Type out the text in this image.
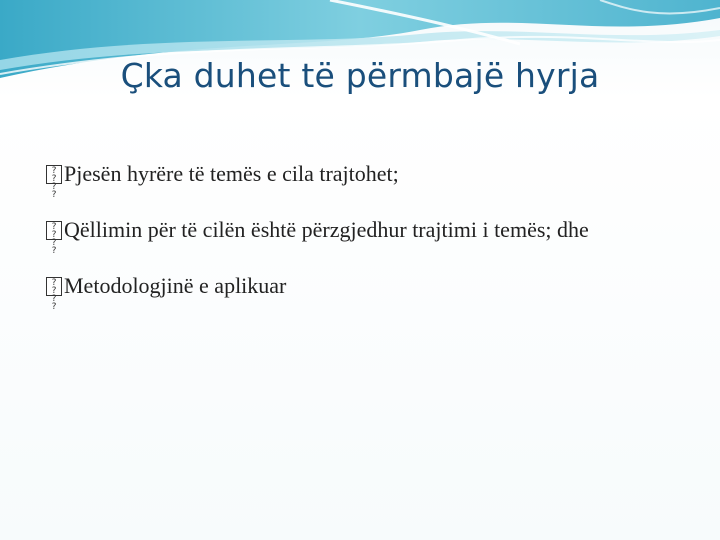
Çka duhet të përmbajë hyrja
? ? ? ?
Pjesën hyrëre të temës e cila trajtohet;
? ? ? ?
Qëllimin për të cilën është përzgjedhur trajtimi i temës; dhe
? ? ? ?
Metodologjinë e aplikuar
